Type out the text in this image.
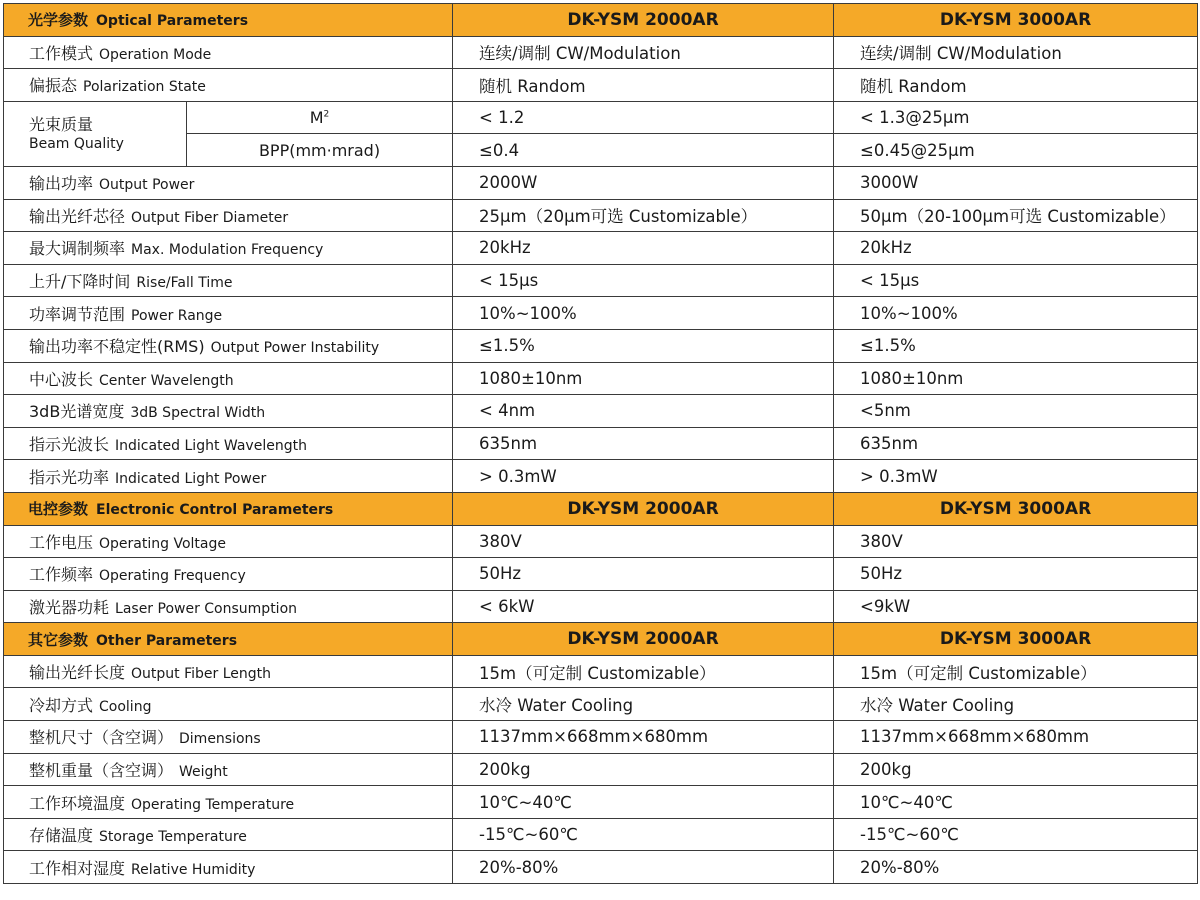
光学参数 Optical Parameters		DK-YSM 2000AR	DK-YSM 3000AR
工作模式 Operation Mode		连续/调制 CW/Modulation	连续/调制 CW/Modulation
偏振态 Polarization State		随机 Random	随机 Random
光束质量
Beam Quality	$M^2$	< 1.2	< 1.3@25μm
	BPP(mm·mrad)	≤0.4	≤0.45@25μm
输出功率 Output Power		2000W	3000W
输出光纤芯径 Output Fiber Diameter		25μm（20μm可选 Customizable）	50μm（20-100μm可选 Customizable）
最大调制频率 Max. Modulation Frequency		20kHz	20kHz
上升/下降时间 Rise/Fall Time		< 15μs	< 15μs
功率调节范围 Power Range		10%~100%	10%~100%
输出功率不稳定性(RMS) Output Power Instability		≤1.5%	≤1.5%
中心波长 Center Wavelength		1080±10nm	1080±10nm
3dB光谱宽度 3dB Spectral Width		< 4nm	<5nm
指示光波长 Indicated Light Wavelength		635nm	635nm
指示光功率 Indicated Light Power		> 0.3mW	> 0.3mW
电控参数 Electronic Control Parameters		DK-YSM 2000AR	DK-YSM 3000AR
工作电压 Operating Voltage		380V	380V
工作频率 Operating Frequency		50Hz	50Hz
激光器功耗 Laser Power Consumption		< 6kW	<9kW
其它参数 Other Parameters		DK-YSM 2000AR	DK-YSM 3000AR
输出光纤长度 Output Fiber Length		15m（可定制 Customizable）	15m（可定制 Customizable）
冷却方式 Cooling		水冷 Water Cooling	水冷 Water Cooling
整机尺寸（含空调） Dimensions		1137mm×668mm×680mm	1137mm×668mm×680mm
整机重量（含空调） Weight		200kg	200kg
工作环境温度 Operating Temperature		10℃~40℃	10℃~40℃
存储温度 Storage Temperature		-15℃~60℃	-15℃~60℃
工作相对湿度 Relative Humidity		20%-80%	20%-80%
